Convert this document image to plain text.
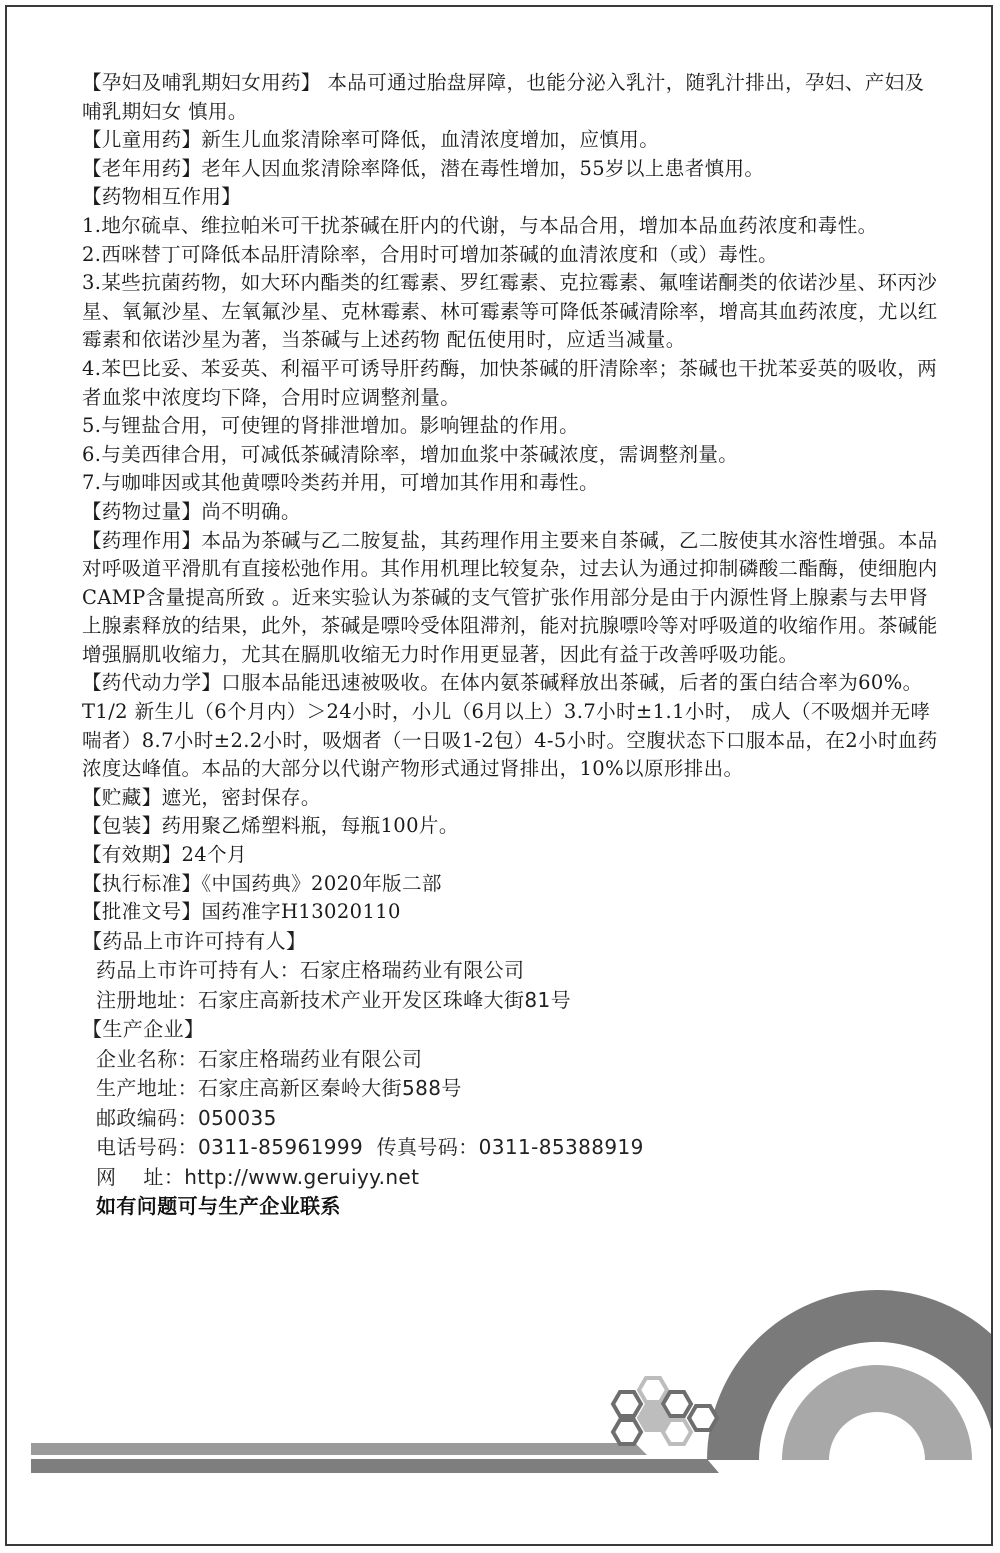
【孕妇及哺乳期妇女用药】 本品可通过胎盘屏障，也能分泌入乳汁，随乳汁排出，孕妇、产妇及哺乳期妇女 慎用。

【儿童用药】新生儿血浆清除率可降低，血清浓度增加，应慎用。

【老年用药】老年人因血浆清除率降低，潜在毒性增加，55岁以上患者慎用。

【药物相互作用】

1.地尔硫卓、维拉帕米可干扰茶碱在肝内的代谢，与本品合用，增加本品血药浓度和毒性。

2.西咪替丁可降低本品肝清除率，合用时可增加茶碱的血清浓度和（或）毒性。

3.某些抗菌药物，如大环内酯类的红霉素、罗红霉素、克拉霉素、氟喹诺酮类的依诺沙星、环丙沙星、氧氟沙星、左氧氟沙星、克林霉素、林可霉素等可降低茶碱清除率，增高其血药浓度，尤以红霉素和依诺沙星为著，当茶碱与上述药物 配伍使用时，应适当减量。

4.苯巴比妥、苯妥英、利福平可诱导肝药酶，加快茶碱的肝清除率；茶碱也干扰苯妥英的吸收，两者血浆中浓度均下降，合用时应调整剂量。

5.与锂盐合用，可使锂的肾排泄增加。影响锂盐的作用。

6.与美西律合用，可减低茶碱清除率，增加血浆中茶碱浓度，需调整剂量。

7.与咖啡因或其他黄嘌呤类药并用，可增加其作用和毒性。

【药物过量】尚不明确。

【药理作用】本品为茶碱与乙二胺复盐，其药理作用主要来自茶碱，乙二胺使其水溶性增强。本品对呼吸道平滑肌有直接松弛作用。其作用机理比较复杂，过去认为通过抑制磷酸二酯酶，使细胞内CAMP含量提高所致 。近来实验认为茶碱的支气管扩张作用部分是由于内源性肾上腺素与去甲肾上腺素释放的结果，此外，茶碱是嘌呤受体阻滞剂，能对抗腺嘌呤等对呼吸道的收缩作用。茶碱能增强膈肌收缩力，尤其在膈肌收缩无力时作用更显著，因此有益于改善呼吸功能。

【药代动力学】口服本品能迅速被吸收。在体内氨茶碱释放出茶碱，后者的蛋白结合率为60%。T1/2 新生儿（6个月内）＞24小时，小儿（6月以上）3.7小时±1.1小时， 成人（不吸烟并无哮喘者）8.7小时±2.2小时，吸烟者（一日吸1-2包）4-5小时。空腹状态下口服本品，在2小时血药浓度达峰值。本品的大部分以代谢产物形式通过肾排出，10%以原形排出。

【贮藏】遮光，密封保存。

【包装】药用聚乙烯塑料瓶，每瓶100片。

【有效期】24个月

【执行标准】《中国药典》2020年版二部

【批准文号】国药准字H13020110

【药品上市许可持有人】

药品上市许可持有人：石家庄格瑞药业有限公司

注册地址：石家庄高新技术产业开发区珠峰大街81号

【生产企业】

企业名称：石家庄格瑞药业有限公司

生产地址：石家庄高新区秦岭大街588号

邮政编码：050035

电话号码：0311-85961999  传真号码：0311-85388919

网    址：http://www.geruiyy.net

如有问题可与生产企业联系
